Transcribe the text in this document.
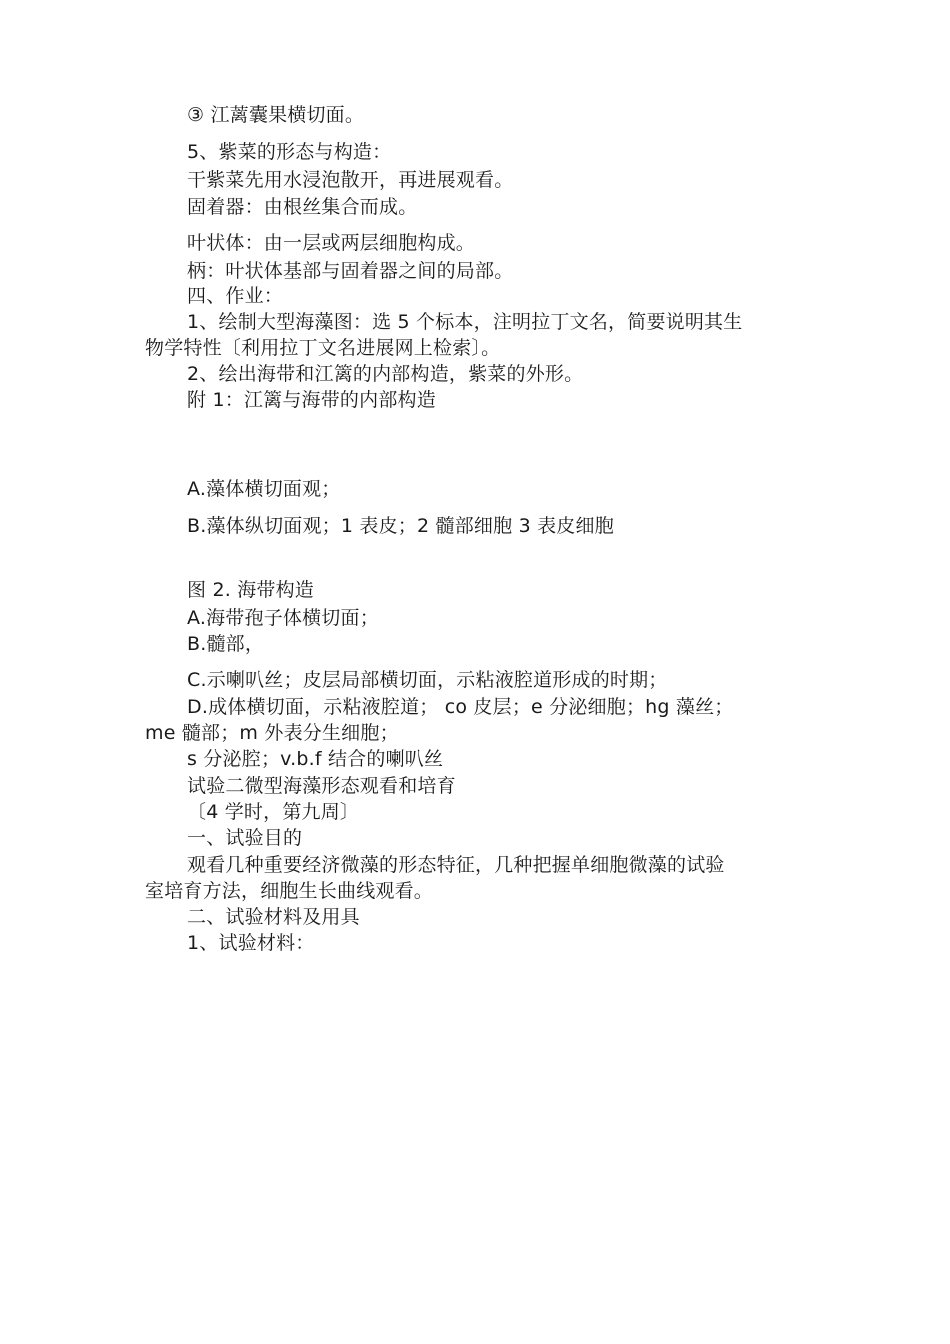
③ 江蓠囊果横切面。
5、紫菜的形态与构造：
干紫菜先用水浸泡散开，再进展观看。
固着器：由根丝集合而成。
叶状体：由一层或两层细胞构成。
柄：叶状体基部与固着器之间的局部。
四、作业：
1、绘制大型海藻图：选 5 个标本，注明拉丁文名，简要说明其生
物学特性〔利用拉丁文名进展网上检索〕。
2、绘出海带和江篱的内部构造，紫菜的外形。
附 1：江篱与海带的内部构造
A.藻体横切面观；
B.藻体纵切面观；1 表皮；2 髓部细胞 3 表皮细胞
图 2. 海带构造
A.海带孢子体横切面；
B.髓部，
C.示喇叭丝；皮层局部横切面，示粘液腔道形成的时期；
D.成体横切面，示粘液腔道； co 皮层；e 分泌细胞；hg 藻丝；
me 髓部；m 外表分生细胞；
s 分泌腔；v.b.f 结合的喇叭丝
试验二微型海藻形态观看和培育
〔4 学时，第九周〕
一、试验目的
观看几种重要经济微藻的形态特征，几种把握单细胞微藻的试验
室培育方法，细胞生长曲线观看。
二、试验材料及用具
1、试验材料：
